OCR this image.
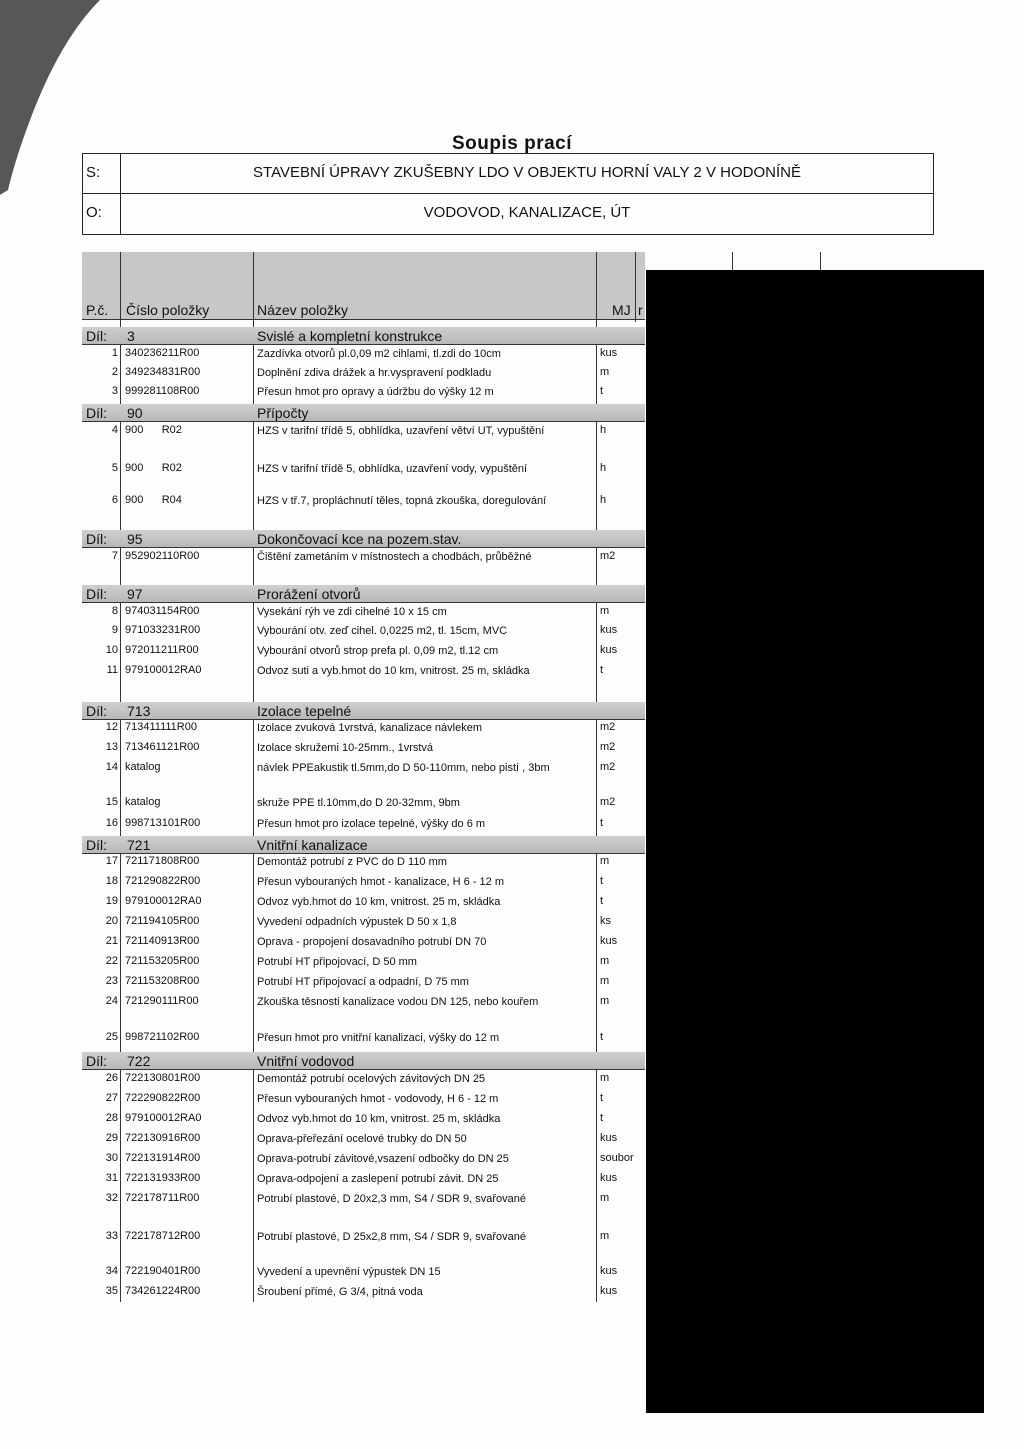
Soupis prací
S:	STAVEBNÍ ÚPRAVY ZKUŠEBNY LDO V OBJEKTU HORNÍ VALY 2 V HODONÍNĚ
O:	VODOVOD, KANALIZACE, ÚT
P.č. Číslo položky	Název položky	MJ r
Díl: 3	Svislé a kompletní konstrukce
1 340236211R00	Zazdívka otvorů pl.0,09 m2 cihlami, tl.zdi do 10cm	kus
2 349234831R00	Doplnění zdiva drážek a hr.vyspravení podkladu	m
3 999281108R00	Přesun hmot pro opravy a údržbu do výšky 12 m	t
Díl: 90	Přípočty
4 900      R02	HZS v tarifní třídě 5, obhlídka, uzavření větví UT, vypuštění	h
5 900      R02	HZS v tarifní třídě 5, obhlídka, uzavření vody, vypuštění	h
6 900      R04	HZS v tř.7, propláchnutí těles, topná zkouška, doregulování	h
Díl: 95	Dokončovací kce na pozem.stav.
7 952902110R00	Čištění zametáním v místnostech a chodbách, průběžné	m2
Díl: 97	Prorážení otvorů
8 974031154R00	Vysekání rýh ve zdi cihelné 10 x 15 cm	m
9 971033231R00	Vybourání otv. zeď cihel. 0,0225 m2, tl. 15cm, MVC	kus
10 972011211R00	Vybourání otvorů strop prefa pl. 0,09 m2, tl.12 cm	kus
11 979100012RA0	Odvoz suti a vyb.hmot do 10 km, vnitrost. 25 m, skládka	t
Díl: 713	Izolace tepelné
12 713411111R00	Izolace zvuková 1vrstvá, kanalizace návlekem	m2
13 713461121R00	Izolace skružemi 10-25mm., 1vrstvá	m2
14 katalog	návlek PPEakustik tl.5mm,do D 50-110mm, nebo pistí , 3bm	m2
15 katalog	skruže PPE tl.10mm,do D 20-32mm, 9bm	m2
16 998713101R00	Přesun hmot pro izolace tepelné, výšky do 6 m	t
Díl: 721	Vnitřní kanalizace
17 721171808R00	Demontáž potrubí z PVC do D 110 mm	m
18 721290822R00	Přesun vybouraných hmot - kanalizace, H 6 - 12 m	t
19 979100012RA0	Odvoz vyb.hmot do 10 km, vnitrost. 25 m, skládka	t
20 721194105R00	Vyvedení odpadních výpustek D 50 x 1,8	ks
21 721140913R00	Oprava - propojení dosavadního potrubí DN 70	kus
22 721153205R00	Potrubí HT připojovací, D 50 mm	m
23 721153208R00	Potrubí HT připojovací a odpadní, D 75 mm	m
24 721290111R00	Zkouška těsnosti kanalizace vodou DN 125, nebo kouřem	m
25 998721102R00	Přesun hmot pro vnitřní kanalizaci, výšky do 12 m	t
Díl: 722	Vnitřní vodovod
26 722130801R00	Demontáž potrubí ocelových závitových DN 25	m
27 722290822R00	Přesun vybouraných hmot - vodovody, H 6 - 12 m	t
28 979100012RA0	Odvoz vyb.hmot do 10 km, vnitrost. 25 m, skládka	t
29 722130916R00	Oprava-přeřezání ocelové trubky do DN 50	kus
30 722131914R00	Oprava-potrubí závitové,vsazení odbočky do DN 25	soubor
31 722131933R00	Oprava-odpojení a zaslepení potrubí závit. DN 25	kus
32 722178711R00	Potrubí plastové, D 20x2,3 mm, S4 / SDR 9, svařované	m
33 722178712R00	Potrubí plastové, D 25x2,8 mm, S4 / SDR 9, svařované	m
34 722190401R00	Vyvedení a upevnění výpustek DN 15	kus
35 734261224R00	Šroubení přímé, G 3/4, pitná voda	kus
